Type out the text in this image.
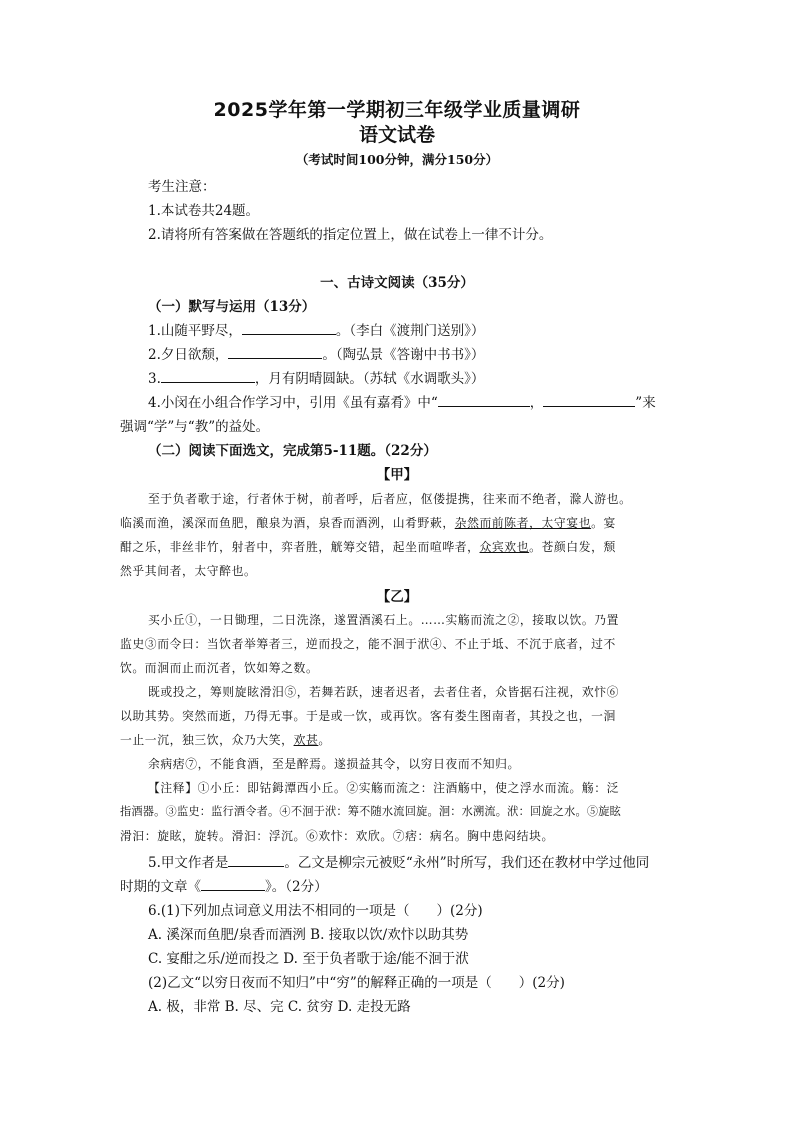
2025学年第一学期初三年级学业质量调研
语文试卷
（考试时间100分钟，满分150分）
考生注意：
1.本试卷共24题。
2.请将所有答案做在答题纸的指定位置上，做在试卷上一律不计分。
一、古诗文阅读（35分）
（一）默写与运用（13分）
1.山随平野尽，	。（李白《渡荆门送别》）
2.夕日欲颓，	。（陶弘景《答谢中书书》）
3.	，月有阴晴圆缺。（苏轼《水调歌头》）
4.小闵在小组合作学习中，引用《虽有嘉肴》中“	，	”来
强调“学”与“教”的益处。
（二）阅读下面选文，完成第5-11题。（22分）
【甲】
至于负者歌于途，行者休于树，前者呼，后者应，伛偻提携，往来而不绝者，滁人游也。
临溪而渔，溪深而鱼肥，酿泉为酒，泉香而酒洌，山肴野蔌，杂然而前陈者，太守宴也。宴
酣之乐，非丝非竹，射者中，弈者胜，觥筹交错，起坐而喧哗者，众宾欢也。苍颜白发，颓
然乎其间者，太守醉也。
【乙】
买小丘①，一日锄理，二日洗涤，遂置酒溪石上。……实觞而流之②，接取以饮。乃置
监史③而令曰：当饮者举筹者三，逆而投之，能不洄于洑④、不止于坻、不沉于底者，过不
饮。而洄而止而沉者，饮如筹之数。
既或投之，筹则旋眩滑汨⑤，若舞若跃，速者迟者，去者住者，众皆据石注视，欢忭⑥
以助其势。突然而逝，乃得无事。于是或一饮，或再饮。客有娄生图南者，其投之也，一洄
一止一沉，独三饮，众乃大笑，欢甚。
余病痞⑦，不能食酒，至是醉焉。遂损益其令，以穷日夜而不知归。
【注释】①小丘：即钴鉧潭西小丘。②实觞而流之：注酒觞中，使之浮水而流。觞：泛
指酒器。③监史：监行酒令者。④不洄于洑：筹不随水流回旋。洄：水溯流。洑：回旋之水。⑤旋眩
滑汩：旋眩，旋转。滑汩：浮沉。⑥欢忭：欢欣。⑦痞：病名。胸中患闷结块。
5.甲文作者是	。乙文是柳宗元被贬“永州”时所写，我们还在教材中学过他同
时期的文章《	》。（2分）
6.(1)下列加点词意义用法不相同的一项是（　　）(2分)
A. 溪深而鱼肥/泉香而酒洌 B. 接取以饮/欢忭以助其势
C. 宴酣之乐/逆而投之 D. 至于负者歌于途/能不洄于洑
(2)乙文“以穷日夜而不知归”中“穷”的解释正确的一项是（　　）(2分)
A. 极，非常 B. 尽、完 C. 贫穷 D. 走投无路
